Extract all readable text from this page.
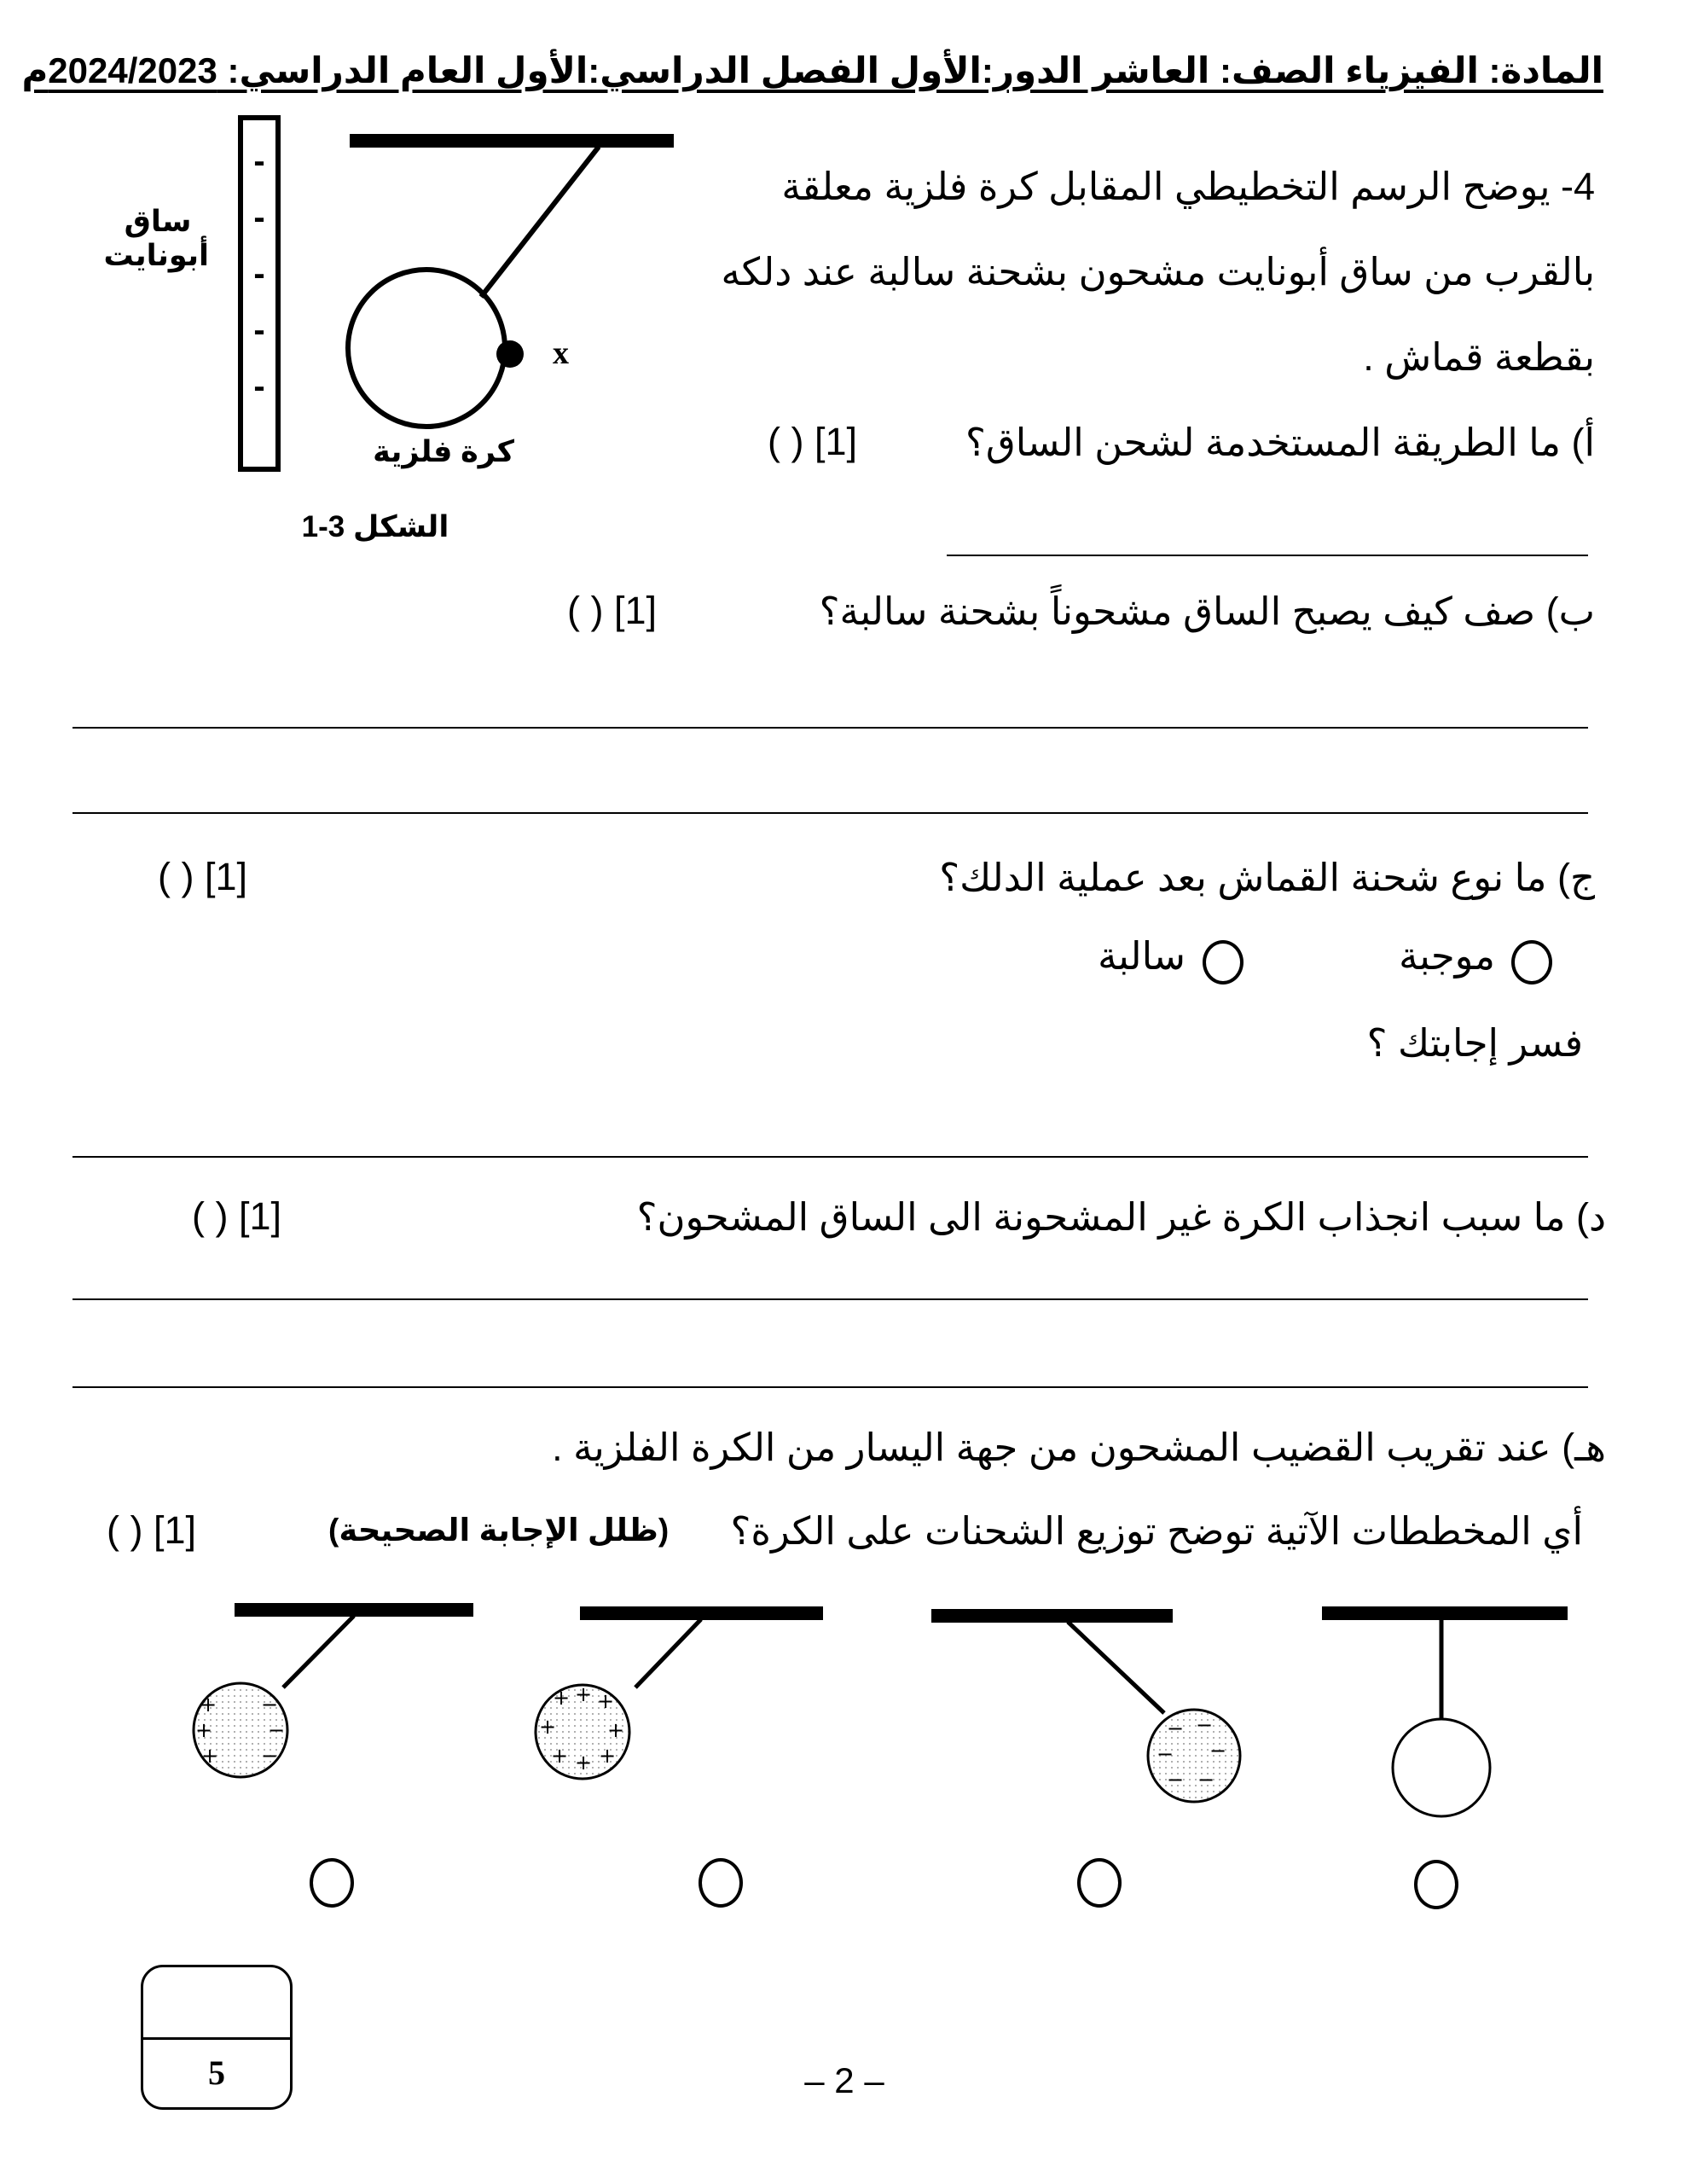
المادة: الفيزياء الصف: العاشر الدور:الأول الفصل الدراسي:الأول العام الدراسي: 2024/2023م
-
-
-
-
-
x
ساق
أبونايت
كرة فلزية
الشكل 3-1
4- يوضح الرسم التخطيطي المقابل كرة فلزية معلقة
بالقرب من ساق أبونايت مشحون بشحنة سالبة عند دلكه
بقطعة قماش .
أ) ما الطريقة المستخدمة لشحن الساق؟
( ) [1]
ب) صف كيف يصبح الساق مشحوناً بشحنة سالبة؟
( ) [1]
ج) ما نوع شحنة القماش بعد عملية الدلك؟
( ) [1]
موجبة
سالبة
فسر إجابتك ؟
د) ما سبب انجذاب الكرة غير المشحونة الى الساق المشحون؟
( ) [1]
هـ) عند تقريب القضيب المشحون من جهة اليسار من الكرة الفلزية .
أي المخططات الآتية توضح توزيع الشحنات على الكرة؟
(ظلل الإجابة الصحيحة)
( ) [1]
+
+
+
−
−
−
+ + +
+ +
+ + +
− −
− −
− −
5	– 2 –
